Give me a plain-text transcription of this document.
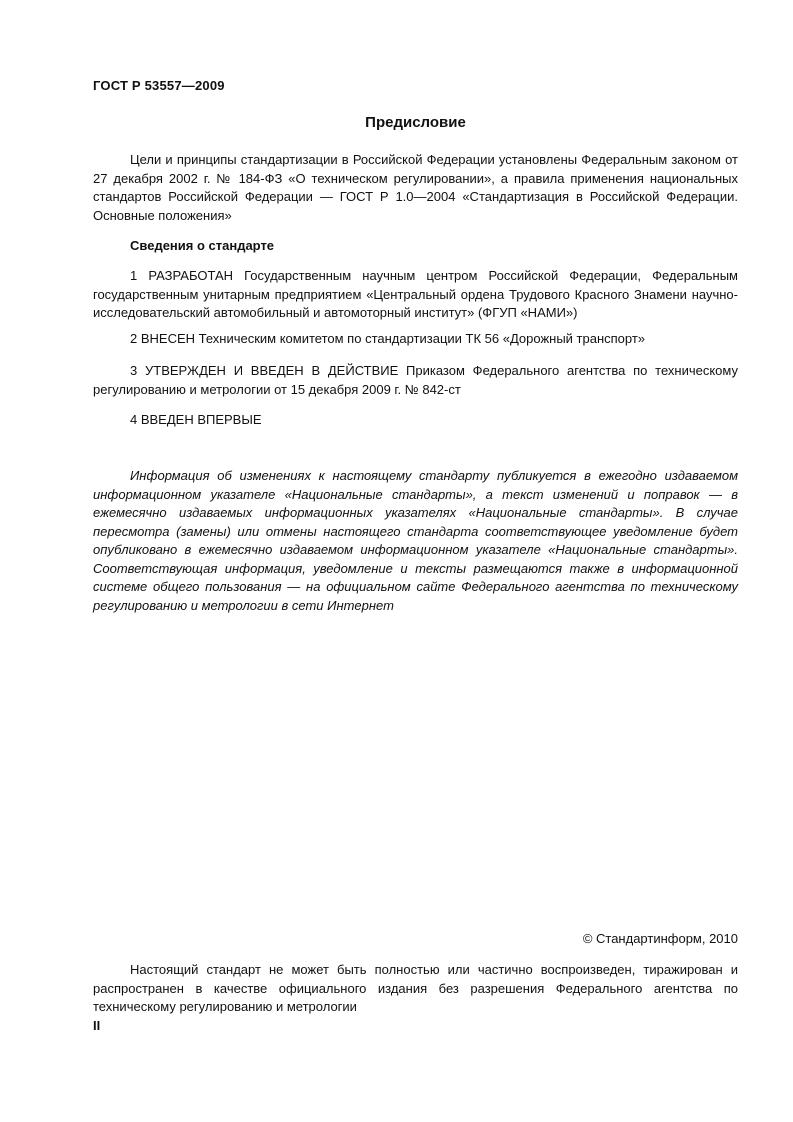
ГОСТ Р 53557—2009
Предисловие

Цели и принципы стандартизации в Российской Федерации установлены Федеральным законом от 27 декабря 2002 г. № 184-ФЗ «О техническом регулировании», а правила применения национальных стандартов Российской Федерации — ГОСТ Р 1.0—2004 «Стандартизация в Российской Федерации. Основные положения»

Сведения о стандарте

1 РАЗРАБОТАН Государственным научным центром Российской Федерации, Федеральным государственным унитарным предприятием «Центральный ордена Трудового Красного Знамени научно-исследовательский автомобильный и автомоторный институт» (ФГУП «НАМИ»)

2 ВНЕСЕН Техническим комитетом по стандартизации ТК 56 «Дорожный транспорт»

3 УТВЕРЖДЕН И ВВЕДЕН В ДЕЙСТВИЕ Приказом Федерального агентства по техническому регулированию и метрологии от 15 декабря 2009 г. № 842-ст

4 ВВЕДЕН ВПЕРВЫЕ

Информация об изменениях к настоящему стандарту публикуется в ежегодно издаваемом информационном указателе «Национальные стандарты», а текст изменений и поправок — в ежемесячно издаваемых информационных указателях «Национальные стандарты». В случае пересмотра (замены) или отмены настоящего стандарта соответствующее уведомление будет опубликовано в ежемесячно издаваемом информационном указателе «Национальные стандарты». Соответствующая информация, уведомление и тексты размещаются также в информационной системе общего пользования — на официальном сайте Федерального агентства по техническому регулированию и метрологии в сети Интернет

© Стандартинформ, 2010

Настоящий стандарт не может быть полностью или частично воспроизведен, тиражирован и распространен в качестве официального издания без разрешения Федерального агентства по техническому регулированию и метрологии

II
